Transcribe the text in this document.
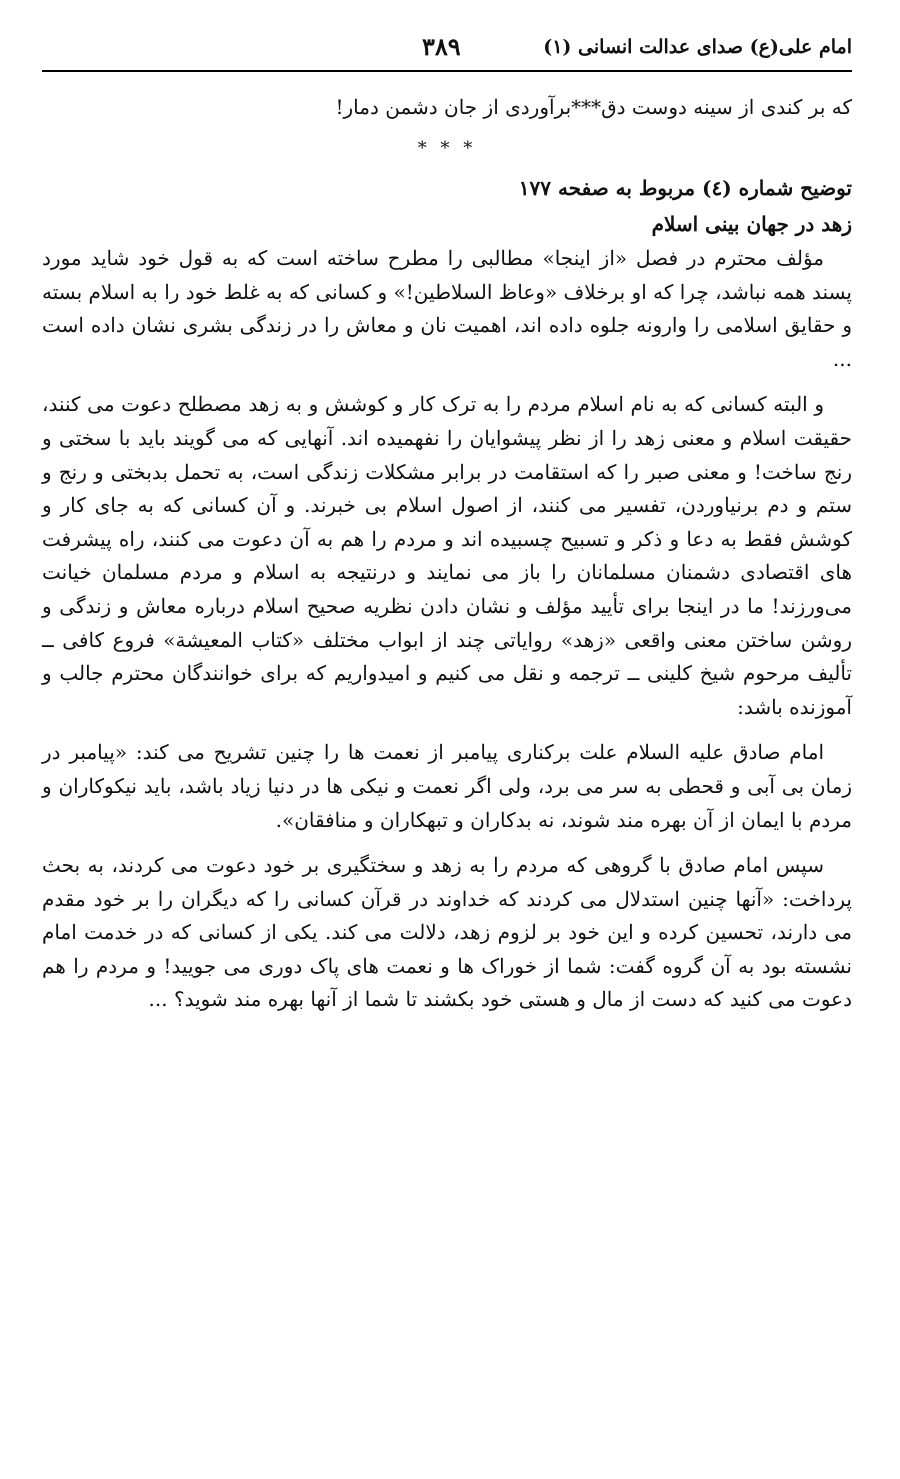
امام علی(ع) صدای عدالت انسانی (۱)
۳۸۹
که بر کندی از سینه دوست دق***برآوردی از جان دشمن دمار!
* * *
توضیح شماره (٤) مربوط به صفحه ۱۷۷
زهد در جهان بینی اسلام

مؤلف محترم در فصل «از اینجا» مطالبی را مطرح ساخته است که به قول خود شاید مورد پسند همه نباشد، چرا که او برخلاف «وعاظ السلاطین!» و کسانی که به غلط خود را به اسلام بسته و حقایق اسلامی را وارونه جلوه داده اند، اهمیت نان و معاش را در زندگی بشری نشان داده است ...

و البته کسانی که به نام اسلام مردم را به ترک کار و کوشش و به زهد مصطلح دعوت می کنند، حقیقت اسلام و معنی زهد را از نظر پیشوایان را نفهمیده اند. آنهایی که می گویند باید با سختی و رنج ساخت! و معنی صبر را که استقامت در برابر مشکلات زندگی است، به تحمل بدبختی و رنج و ستم و دم برنیاوردن، تفسیر می کنند، از اصول اسلام بی خبرند. و آن کسانی که به جای کار و کوشش فقط به دعا و ذکر و تسبیح چسبیده اند و مردم را هم به آن دعوت می کنند، راه پیشرفت های اقتصادی دشمنان مسلمانان را باز می نمایند و درنتیجه به اسلام و مردم مسلمان خیانت می‌ورزند! ما در اینجا برای تأیید مؤلف و نشان دادن نظریه صحیح اسلام درباره معاش و زندگی و روشن ساختن معنی واقعی «زهد» روایاتی چند از ابواب مختلف «کتاب المعیشة» فروع کافی ــ تألیف مرحوم شیخ کلینی ــ ترجمه و نقل می کنیم و امیدواریم که برای خوانندگان محترم جالب و آموزنده باشد:

امام صادق علیه السلام علت برکناری پیامبر از نعمت ها را چنین تشریح می کند: «پیامبر در زمان بی آبی و قحطی به سر می برد، ولی اگر نعمت و نیکی ها در دنیا زیاد باشد، باید نیکوکاران و مردم با ایمان از آن بهره مند شوند، نه بدکاران و تبهکاران و منافقان».

سپس امام صادق با گروهی که مردم را به زهد و سختگیری بر خود دعوت می کردند، به بحث پرداخت: «آنها چنین استدلال می کردند که خداوند در قرآن کسانی را که دیگران را بر خود مقدم می دارند، تحسین کرده و این خود بر لزوم زهد، دلالت می کند. یکی از کسانی که در خدمت امام نشسته بود به آن گروه گفت: شما از خوراک ها و نعمت های پاک دوری می جویید! و مردم را هم دعوت می کنید که دست از مال و هستی خود بکشند تا شما از آنها بهره مند شوید؟ ...
